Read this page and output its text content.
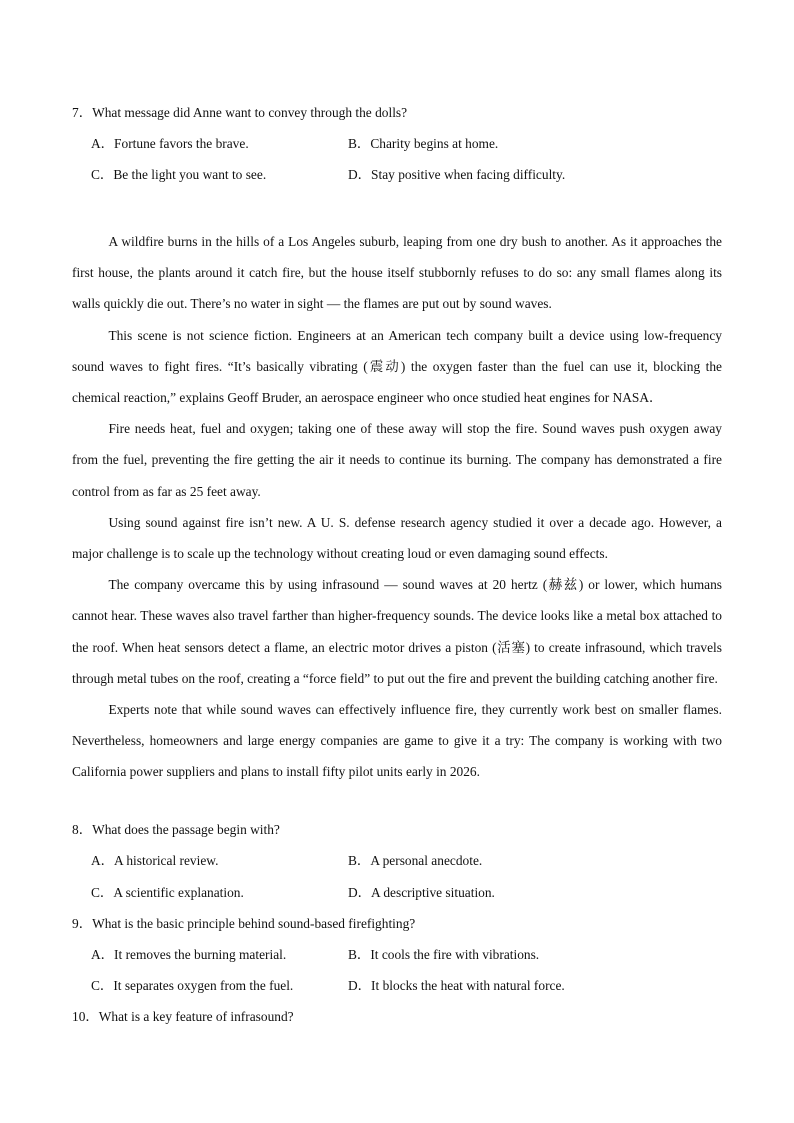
7．What message did Anne want to convey through the dolls?
A．Fortune favors the brave.	B．Charity begins at home.
C．Be the light you want to see.	D．Stay positive when facing difficulty.

A wildfire burns in the hills of a Los Angeles suburb, leaping from one dry bush to another. As it approaches the first house, the plants around it catch fire, but the house itself stubbornly refuses to do so: any small flames along its walls quickly die out. There’s no water in sight — the flames are put out by sound waves.

This scene is not science fiction. Engineers at an American tech company built a device using low-frequency sound waves to fight fires. “It’s basically vibrating (震动) the oxygen faster than the fuel can use it, blocking the chemical reaction,” explains Geoff Bruder, an aerospace engineer who once studied heat engines for NASA．

Fire needs heat, fuel and oxygen; taking one of these away will stop the fire. Sound waves push oxygen away from the fuel, preventing the fire getting the air it needs to continue its burning. The company has demonstrated a fire control from as far as 25 feet away.

Using sound against fire isn’t new. A U. S. defense research agency studied it over a decade ago. However, a major challenge is to scale up the technology without creating loud or even damaging sound effects.

The company overcame this by using infrasound — sound waves at 20 hertz (赫兹) or lower, which humans cannot hear. These waves also travel farther than higher-frequency sounds. The device looks like a metal box attached to the roof. When heat sensors detect a flame, an electric motor drives a piston (活塞) to create infrasound, which travels through metal tubes on the roof, creating a “force field” to put out the fire and prevent the building catching another fire.

Experts note that while sound waves can effectively influence fire, they currently work best on smaller flames. Nevertheless, homeowners and large energy companies are game to give it a try: The company is working with two California power suppliers and plans to install fifty pilot units early in 2026.

8．What does the passage begin with?
A．A historical review.	B．A personal anecdote.
C．A scientific explanation.	D．A descriptive situation.
9．What is the basic principle behind sound-based firefighting?
A．It removes the burning material.	B．It cools the fire with vibrations.
C．It separates oxygen from the fuel.	D．It blocks the heat with natural force.
10．What is a key feature of infrasound?
